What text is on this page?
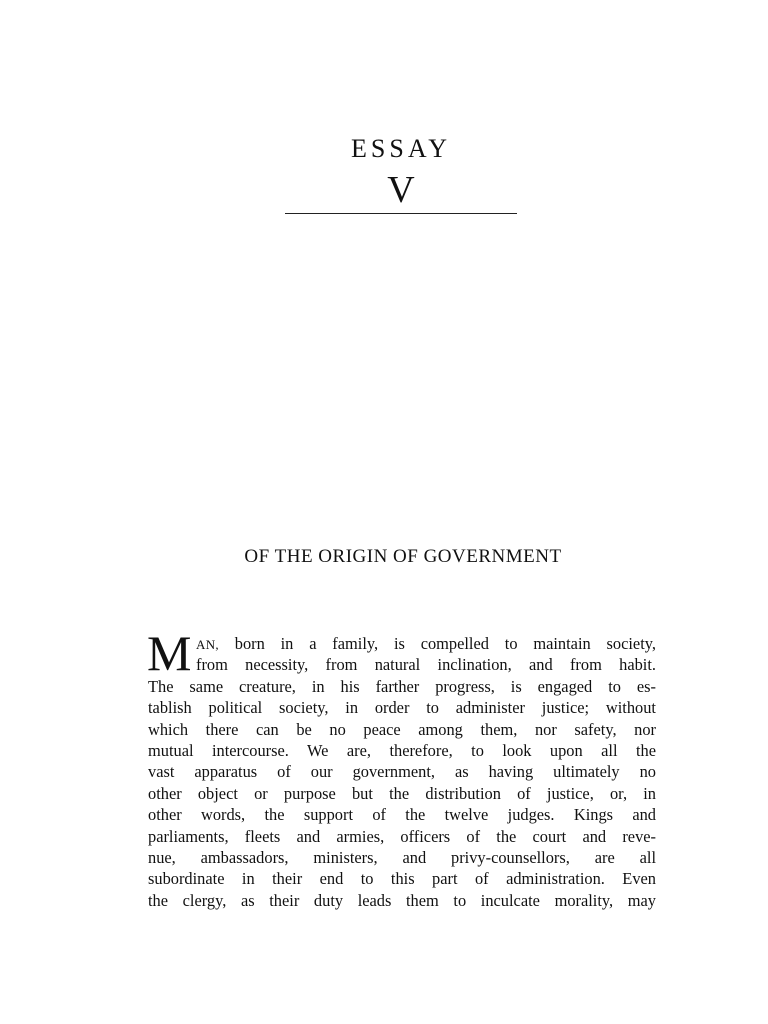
ESSAY
V
OF THE ORIGIN OF GOVERNMENT
M AN, born in a family, is compelled to maintain society,
from necessity, from natural inclination, and from habit.
The same creature, in his farther progress, is engaged to es-
tablish political society, in order to administer justice; without
which there can be no peace among them, nor safety, nor
mutual intercourse. We are, therefore, to look upon all the
vast apparatus of our government, as having ultimately no
other object or purpose but the distribution of justice, or, in
other words, the support of the twelve judges. Kings and
parliaments, fleets and armies, officers of the court and reve-
nue, ambassadors, ministers, and privy-counsellors, are all
subordinate in their end to this part of administration. Even
the clergy, as their duty leads them to inculcate morality, may
